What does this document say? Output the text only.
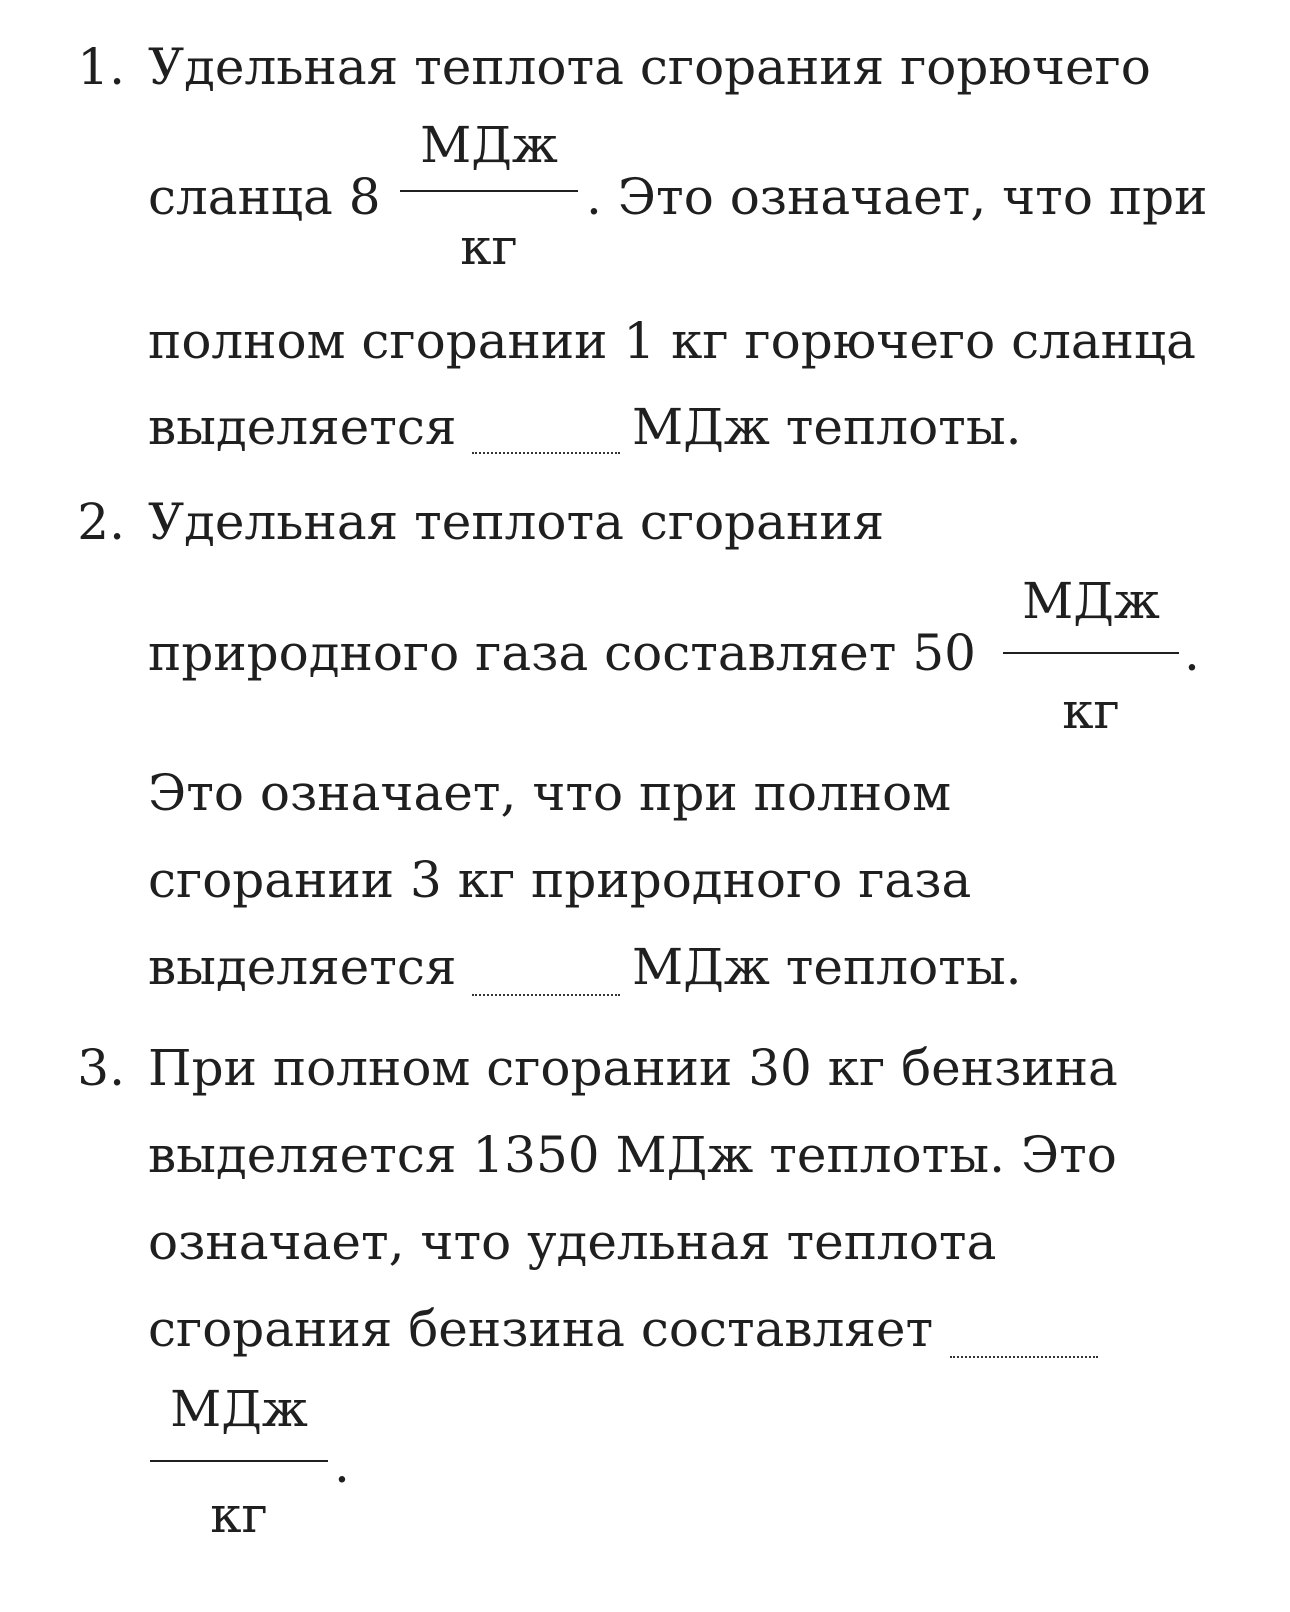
1. Удельная теплота сгорания горючего
сланца 8
МДж
кг
. Это означает, что при
полном сгорании 1 кг горючего сланца
выделяется	МДж теплоты.
2. Удельная теплота сгорания
природного газа составляет 50
МДж
кг
.
Это означает, что при полном
сгорании 3 кг природного газа
выделяется	МДж теплоты.
3. При полном сгорании 30 кг бензина
выделяется 1350 МДж теплоты. Это
означает, что удельная теплота
сгорания бензина составляет
МДж
кг
.
